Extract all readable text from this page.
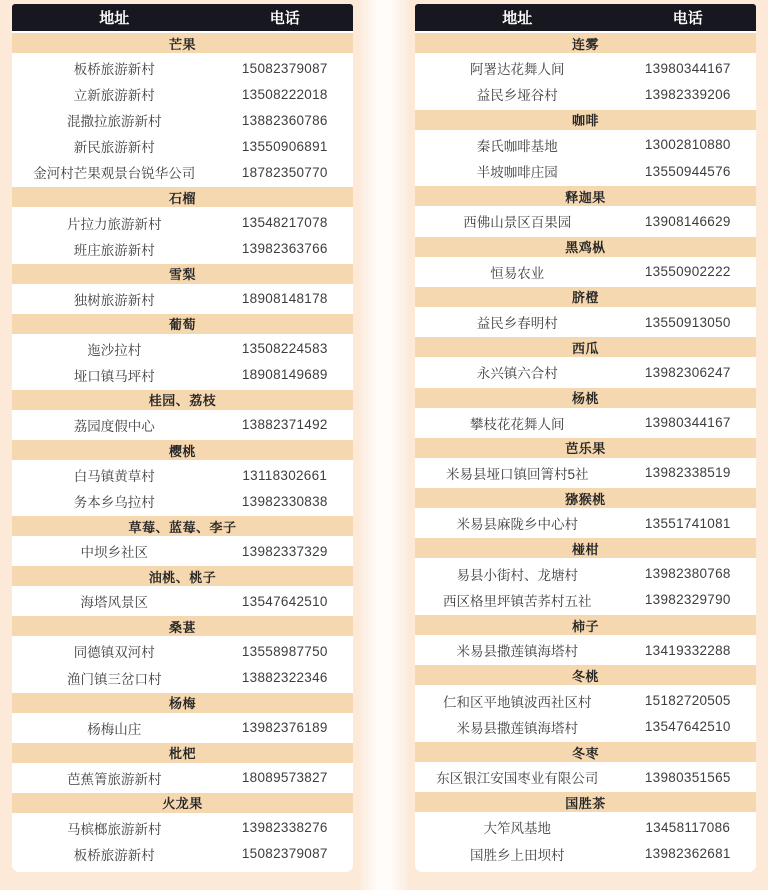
地址	电话
芒果
板桥旅游新村	15082379087
立新旅游新村	13508222018
混撒拉旅游新村	13882360786
新民旅游新村	13550906891
金河村芒果观景台锐华公司	18782350770
石榴
片拉力旅游新村	13548217078
班庄旅游新村	13982363766
雪梨
独树旅游新村	18908148178
葡萄
迤沙拉村	13508224583
垭口镇马坪村	18908149689
桂园、荔枝
荔园度假中心	13882371492
樱桃
白马镇黄草村	13118302661
务本乡乌拉村	13982330838
草莓、蓝莓、李子
中坝乡社区	13982337329
油桃、桃子
海塔风景区	13547642510
桑葚
同德镇双河村	13558987750
渔门镇三岔口村	13882322346
杨梅
杨梅山庄	13982376189
枇杷
芭蕉箐旅游新村	18089573827
火龙果
马槟榔旅游新村	13982338276
板桥旅游新村	15082379087
地址	电话
连雾
阿署达花舞人间	13980344167
益民乡垭谷村	13982339206
咖啡
秦氏咖啡基地	13002810880
半坡咖啡庄园	13550944576
释迦果
西佛山景区百果园	13908146629
黑鸡枞
恒易农业	13550902222
脐橙
益民乡春明村	13550913050
西瓜
永兴镇六合村	13982306247
杨桃
攀枝花花舞人间	13980344167
芭乐果
米易县垭口镇回箐村5社	13982338519
猕猴桃
米易县麻陇乡中心村	13551741081
椪柑
易县小街村、龙塘村	13982380768
西区格里坪镇苦荞村五社	13982329790
柿子
米易县撒莲镇海塔村	13419332288
冬桃
仁和区平地镇波西社区村	15182720505
米易县撒莲镇海塔村	13547642510
冬枣
东区银江安国枣业有限公司	13980351565
国胜茶
大笮风基地	13458117086
国胜乡上田坝村	13982362681
